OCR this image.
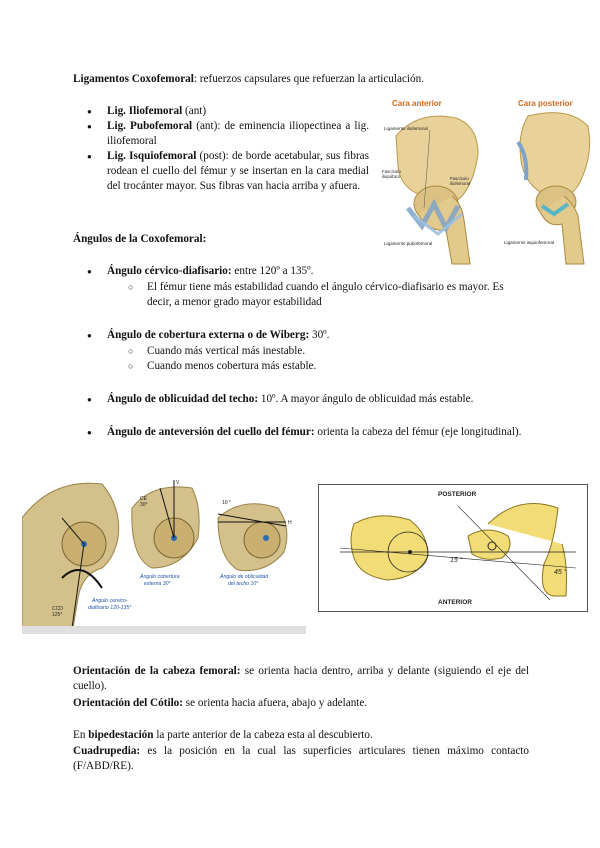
Ligamentos Coxofemoral: refuerzos capsulares que refuerzan la articulación.
● Lig. Iliofemoral (ant)
● Lig. Pubofemoral (ant): de eminencia iliopectinea a lig. iliofemoral
● Lig. Isquiofemoral (post): de borde acetabular, sus fibras rodean el cuello del fémur y se insertan en la cara medial del trocánter mayor. Sus fibras van hacia arriba y afuera.
Cara anterior
Ligamento iliofemoral
Fascículo
iliopúbico	Fascículo
iliofemoral
Ligamento pubofemoral
Cara posterior
Ligamento isquiofemoral
Ángulos de la Coxofemoral:
● Ángulo cérvico-diafisario: entre 120º a 135º.
○ El fémur tiene más estabilidad cuando el ángulo cérvico-diafisario es mayor. Es decir, a menor grado mayor estabilidad
● Ángulo de cobertura externa o de Wiberg: 30º.
○ Cuando más vertical más inestable.
○ Cuando menos cobertura más estable.
● Ángulo de oblicuidad del techo: 10º. A mayor ángulo de oblicuidad más estable.
● Ángulo de anteversión del cuello del fémur: orienta la cabeza del fémur (eje longitudinal).
CCD
125°
Ángulo cervico-
diafisario 120-135°
CE
30°
V
Ángulo cobertura
externa 30°
10 °
H
Ángulo de oblicuidad
del techo 10°
POSTERIOR
ANTERIOR
15 °
45 °
Orientación de la cabeza femoral: se orienta hacia dentro, arriba y delante (siguiendo el eje del cuello).
Orientación del Cótilo: se orienta hacia afuera, abajo y adelante.
En bipedestación la parte anterior de la cabeza esta al descubierto.
Cuadrupedia: es la posición en la cual las superficies articulares tienen máximo contacto (F/ABD/RE).
